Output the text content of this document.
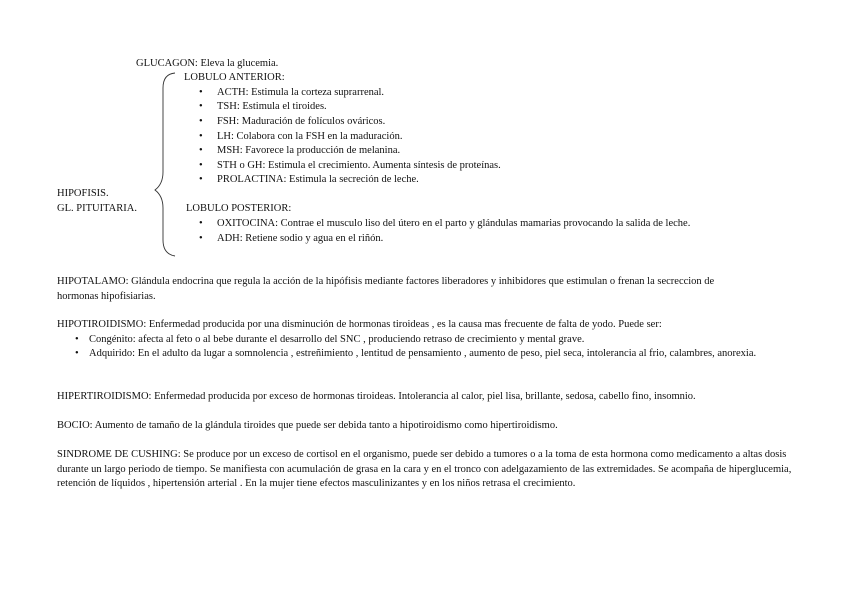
GLUCAGON: Eleva la glucemia.
HIPOFISIS.
GL. PITUITARIA.
LOBULO ANTERIOR:
• ACTH: Estimula la corteza suprarrenal.
• TSH: Estimula el tiroides.
• FSH: Maduración de folículos ováricos.
• LH: Colabora con la FSH en la maduración.
• MSH: Favorece la producción de melanina.
• STH o GH: Estimula el crecimiento. Aumenta síntesis de proteínas.
• PROLACTINA: Estimula la secreción de leche.
LOBULO POSTERIOR:
• OXITOCINA: Contrae el musculo liso del útero en el parto y glándulas mamarias provocando la salida de leche.
• ADH: Retiene sodio y agua en el riñón.

HIPOTALAMO: Glándula endocrina que regula la acción de la hipófisis mediante factores liberadores y inhibidores que estimulan o frenan la secreccion de hormonas hipofisiarias.

HIPOTIROIDISMO: Enfermedad producida por una disminución de hormonas tiroideas , es la causa mas frecuente de falta de yodo. Puede ser:

• Congénito: afecta al feto o al bebe durante el desarrollo del SNC , produciendo retraso de crecimiento y mental grave.
• Adquirido: En el adulto da lugar a somnolencia , estreñimiento , lentitud de pensamiento , aumento de peso, piel seca, intolerancia al frio, calambres, anorexia.

HIPERTIROIDISMO: Enfermedad producida por exceso de hormonas tiroideas. Intolerancia al calor, piel lisa, brillante, sedosa, cabello fino, insomnio.

BOCIO: Aumento de tamaño de la glándula tiroides que puede ser debida tanto a hipotiroidismo como hipertiroidismo.

SINDROME DE CUSHING: Se produce por un exceso de cortisol en el organismo, puede ser debido a tumores o a la toma de esta hormona como medicamento a altas dosis durante un largo periodo de tiempo. Se manifiesta con acumulación de grasa en la cara y en el tronco con adelgazamiento de las extremidades. Se acompaña de hiperglucemia, retención de líquidos , hipertensión arterial . En la mujer tiene efectos masculinizantes y en los niños retrasa el crecimiento.
